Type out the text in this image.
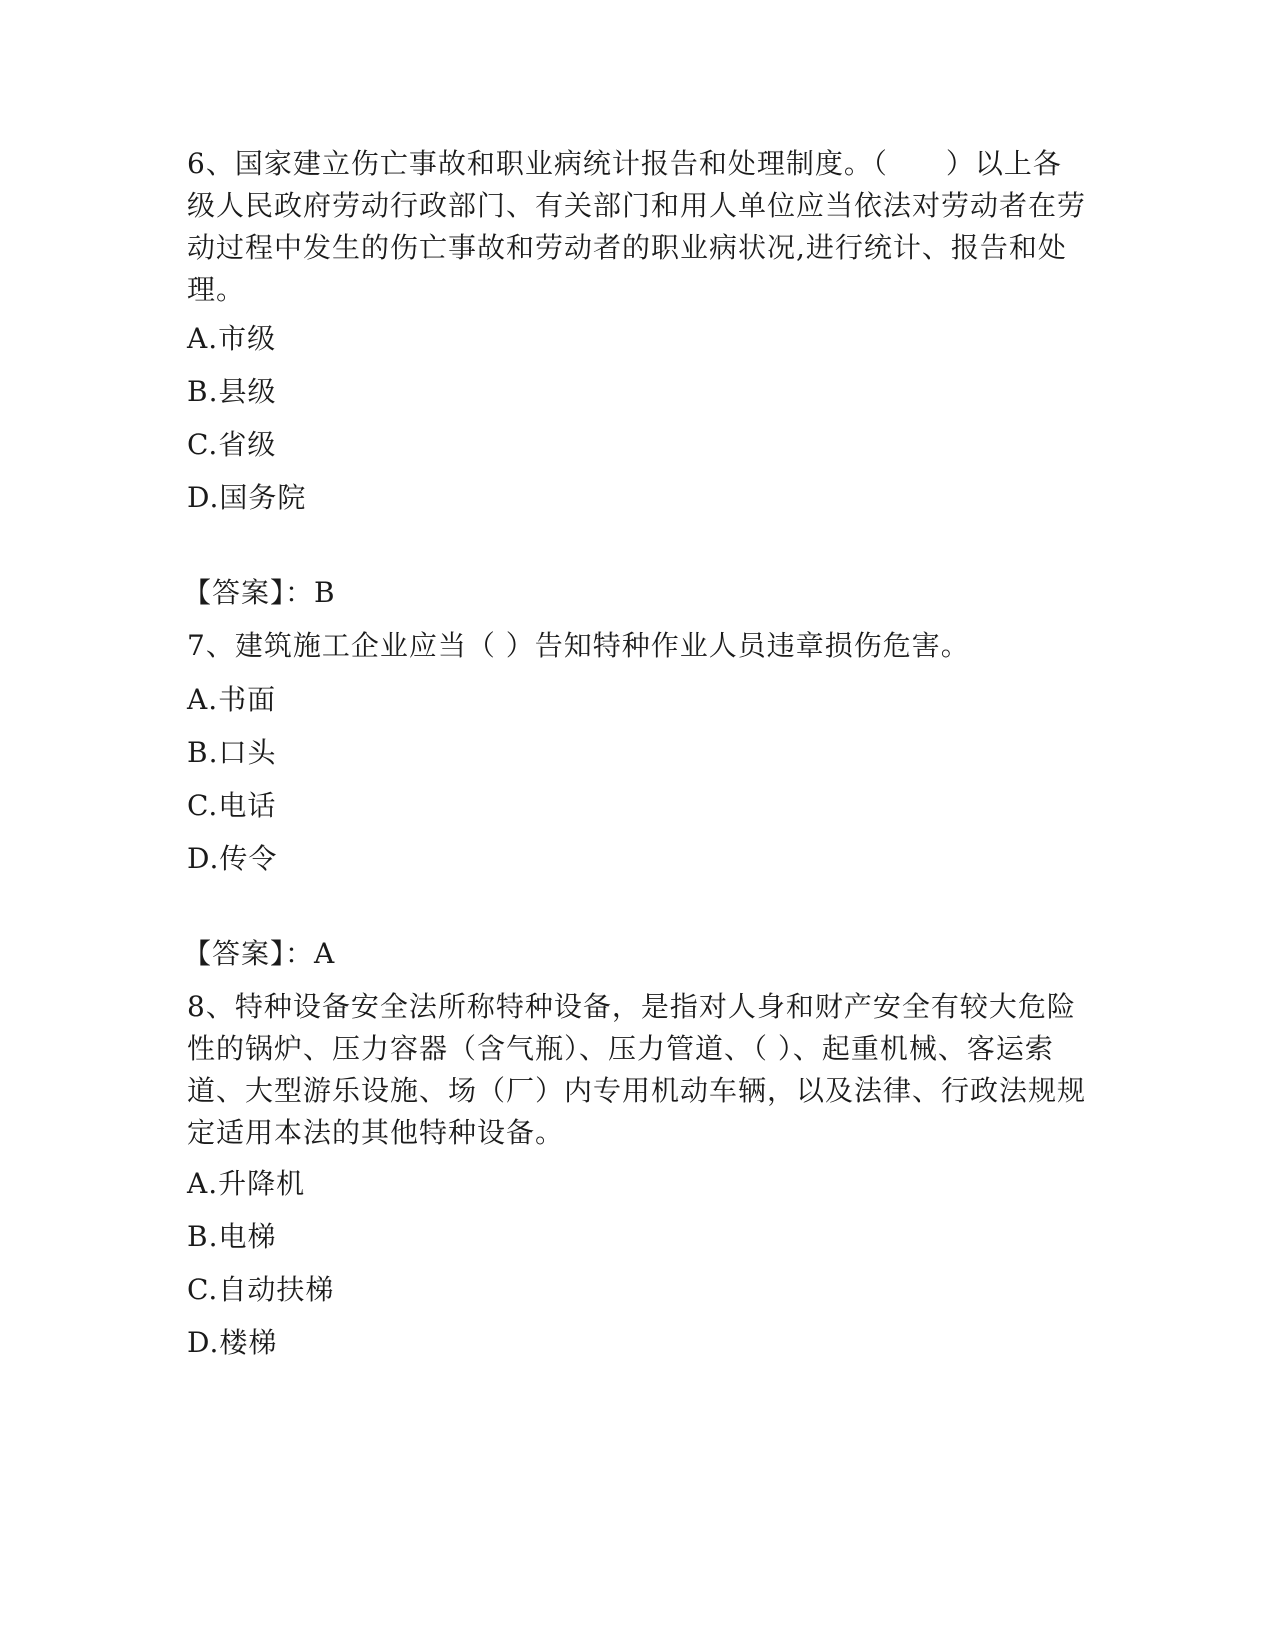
6、国家建立伤亡事故和职业病统计报告和处理制度。（　　）以上各级人民政府劳动行政部门、有关部门和用人单位应当依法对劳动者在劳动过程中发生的伤亡事故和劳动者的职业病状况,进行统计、报告和处理。

A.市级
B.县级
C.省级
D.国务院
【答案】：B

7、建筑施工企业应当（ ）告知特种作业人员违章损伤危害。

A.书面
B.口头
C.电话
D.传令
【答案】：A

8、特种设备安全法所称特种设备，是指对人身和财产安全有较大危险性的锅炉、压力容器（含气瓶）、压力管道、（ ）、起重机械、客运索道、大型游乐设施、场（厂）内专用机动车辆，以及法律、行政法规规定适用本法的其他特种设备。

A.升降机
B.电梯
C.自动扶梯
D.楼梯
